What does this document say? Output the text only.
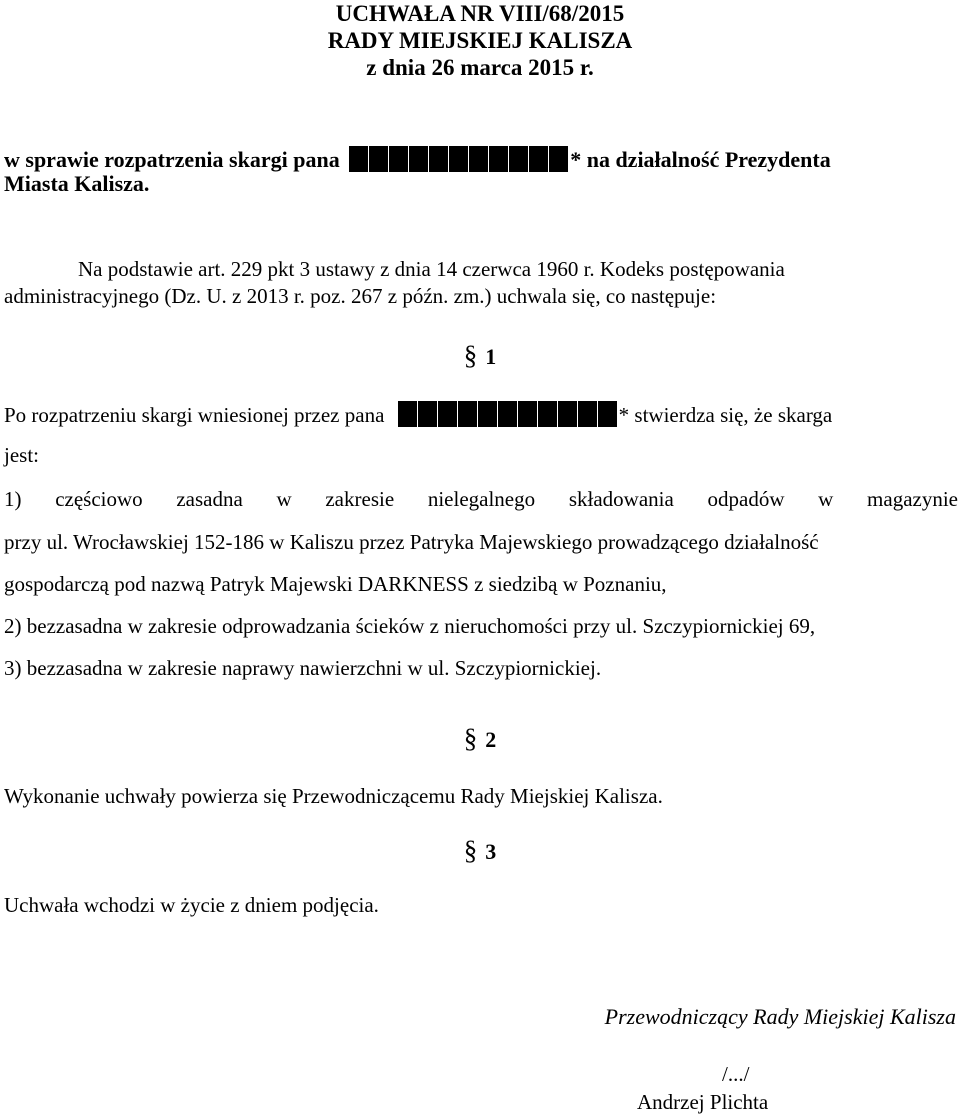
UCHWAŁA NR VIII/68/2015
RADY MIEJSKIEJ KALISZA
z dnia 26 marca 2015 r.
w sprawie rozpatrzenia skargi pana	* na działalność Prezydenta
Miasta Kalisza.
Na podstawie art. 229 pkt 3 ustawy z dnia 14 czerwca 1960 r. Kodeks postępowania
administracyjnego (Dz. U. z 2013 r. poz. 267 z późn. zm.) uchwala się, co następuje:
§ 1
Po rozpatrzeniu skargi wniesionej przez pana	* stwierdza się, że skarga
jest:
1) częściowo zasadna w zakresie nielegalnego składowania odpadów w magazynie
przy ul. Wrocławskiej 152-186 w Kaliszu przez Patryka Majewskiego prowadzącego działalność
gospodarczą pod nazwą Patryk Majewski DARKNESS z siedzibą w Poznaniu,
2) bezzasadna w zakresie odprowadzania ścieków z nieruchomości przy ul. Szczypiornickiej 69,
3) bezzasadna w zakresie naprawy nawierzchni w ul. Szczypiornickiej.
§ 2
Wykonanie uchwały powierza się Przewodniczącemu Rady Miejskiej Kalisza.
§ 3
Uchwała wchodzi w życie z dniem podjęcia.
Przewodniczący Rady Miejskiej Kalisza
/.../
Andrzej Plichta
